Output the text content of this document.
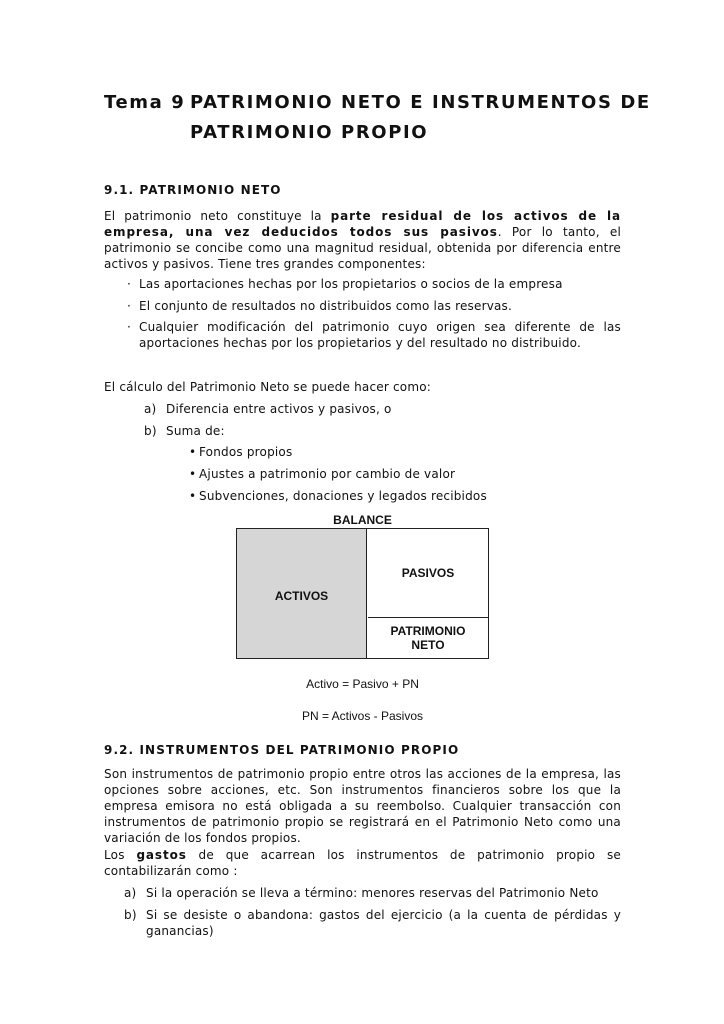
Tema 9 PATRIMONIO NETO E INSTRUMENTOS DE
PATRIMONIO PROPIO
9.1. PATRIMONIO NETO
El patrimonio neto constituye la parte residual de los activos de la empresa, una vez deducidos todos sus pasivos. Por lo tanto, el patrimonio se concibe como una magnitud residual, obtenida por diferencia entre activos y pasivos. Tiene tres grandes componentes:
· Las aportaciones hechas por los propietarios o socios de la empresa
· El conjunto de resultados no distribuidos como las reservas.
· Cualquier modificación del patrimonio cuyo origen sea diferente de las aportaciones hechas por los propietarios y del resultado no distribuido.
El cálculo del Patrimonio Neto se puede hacer como:
a) Diferencia entre activos y pasivos, o
b) Suma de:
• Fondos propios
• Ajustes a patrimonio por cambio de valor
• Subvenciones, donaciones y legados recibidos
BALANCE
ACTIVOS
PASIVOS
PATRIMONIO
NETO
Activo = Pasivo + PN
PN = Activos - Pasivos
9.2. INSTRUMENTOS DEL PATRIMONIO PROPIO
Son instrumentos de patrimonio propio entre otros las acciones de la empresa, las opciones sobre acciones, etc. Son instrumentos financieros sobre los que la empresa emisora no está obligada a su reembolso. Cualquier transacción con instrumentos de patrimonio propio se registrará en el Patrimonio Neto como una variación de los fondos propios.
Los gastos de que acarrean los instrumentos de patrimonio propio se contabilizarán como :
a) Si la operación se lleva a término: menores reservas del Patrimonio Neto
b) Si se desiste o abandona: gastos del ejercicio (a la cuenta de pérdidas y ganancias)
